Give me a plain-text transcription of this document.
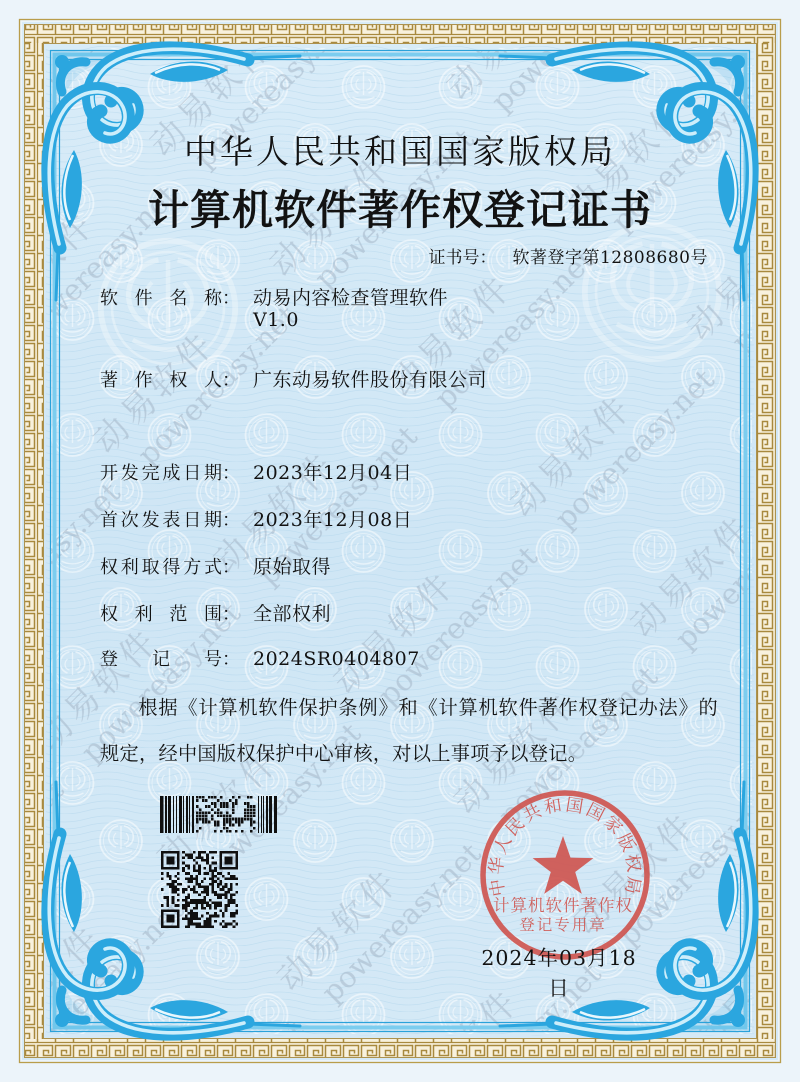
中华人民共和国国家版权局
计算机软件著作权登记证书
证书号： 软著登字第12808680号
软件名称 ： 动易内容检查管理软件
V1.0
著作权人 ： 广东动易软件股份有限公司
开发完成日期 ： 2023年12月04日
首次发表日期 ： 2023年12月08日
权利取得方式 ： 原始取得
权利范围 ： 全部权利
登记号 ： 2024SR0404807

根据《计算机软件保护条例》和《计算机软件著作权登记办法》的规定，经中国版权保护中心审核，对以上事项予以登记。

中华人民共和国国家版权局
计算机软件著作权
登记专用章
2024年03月18日
